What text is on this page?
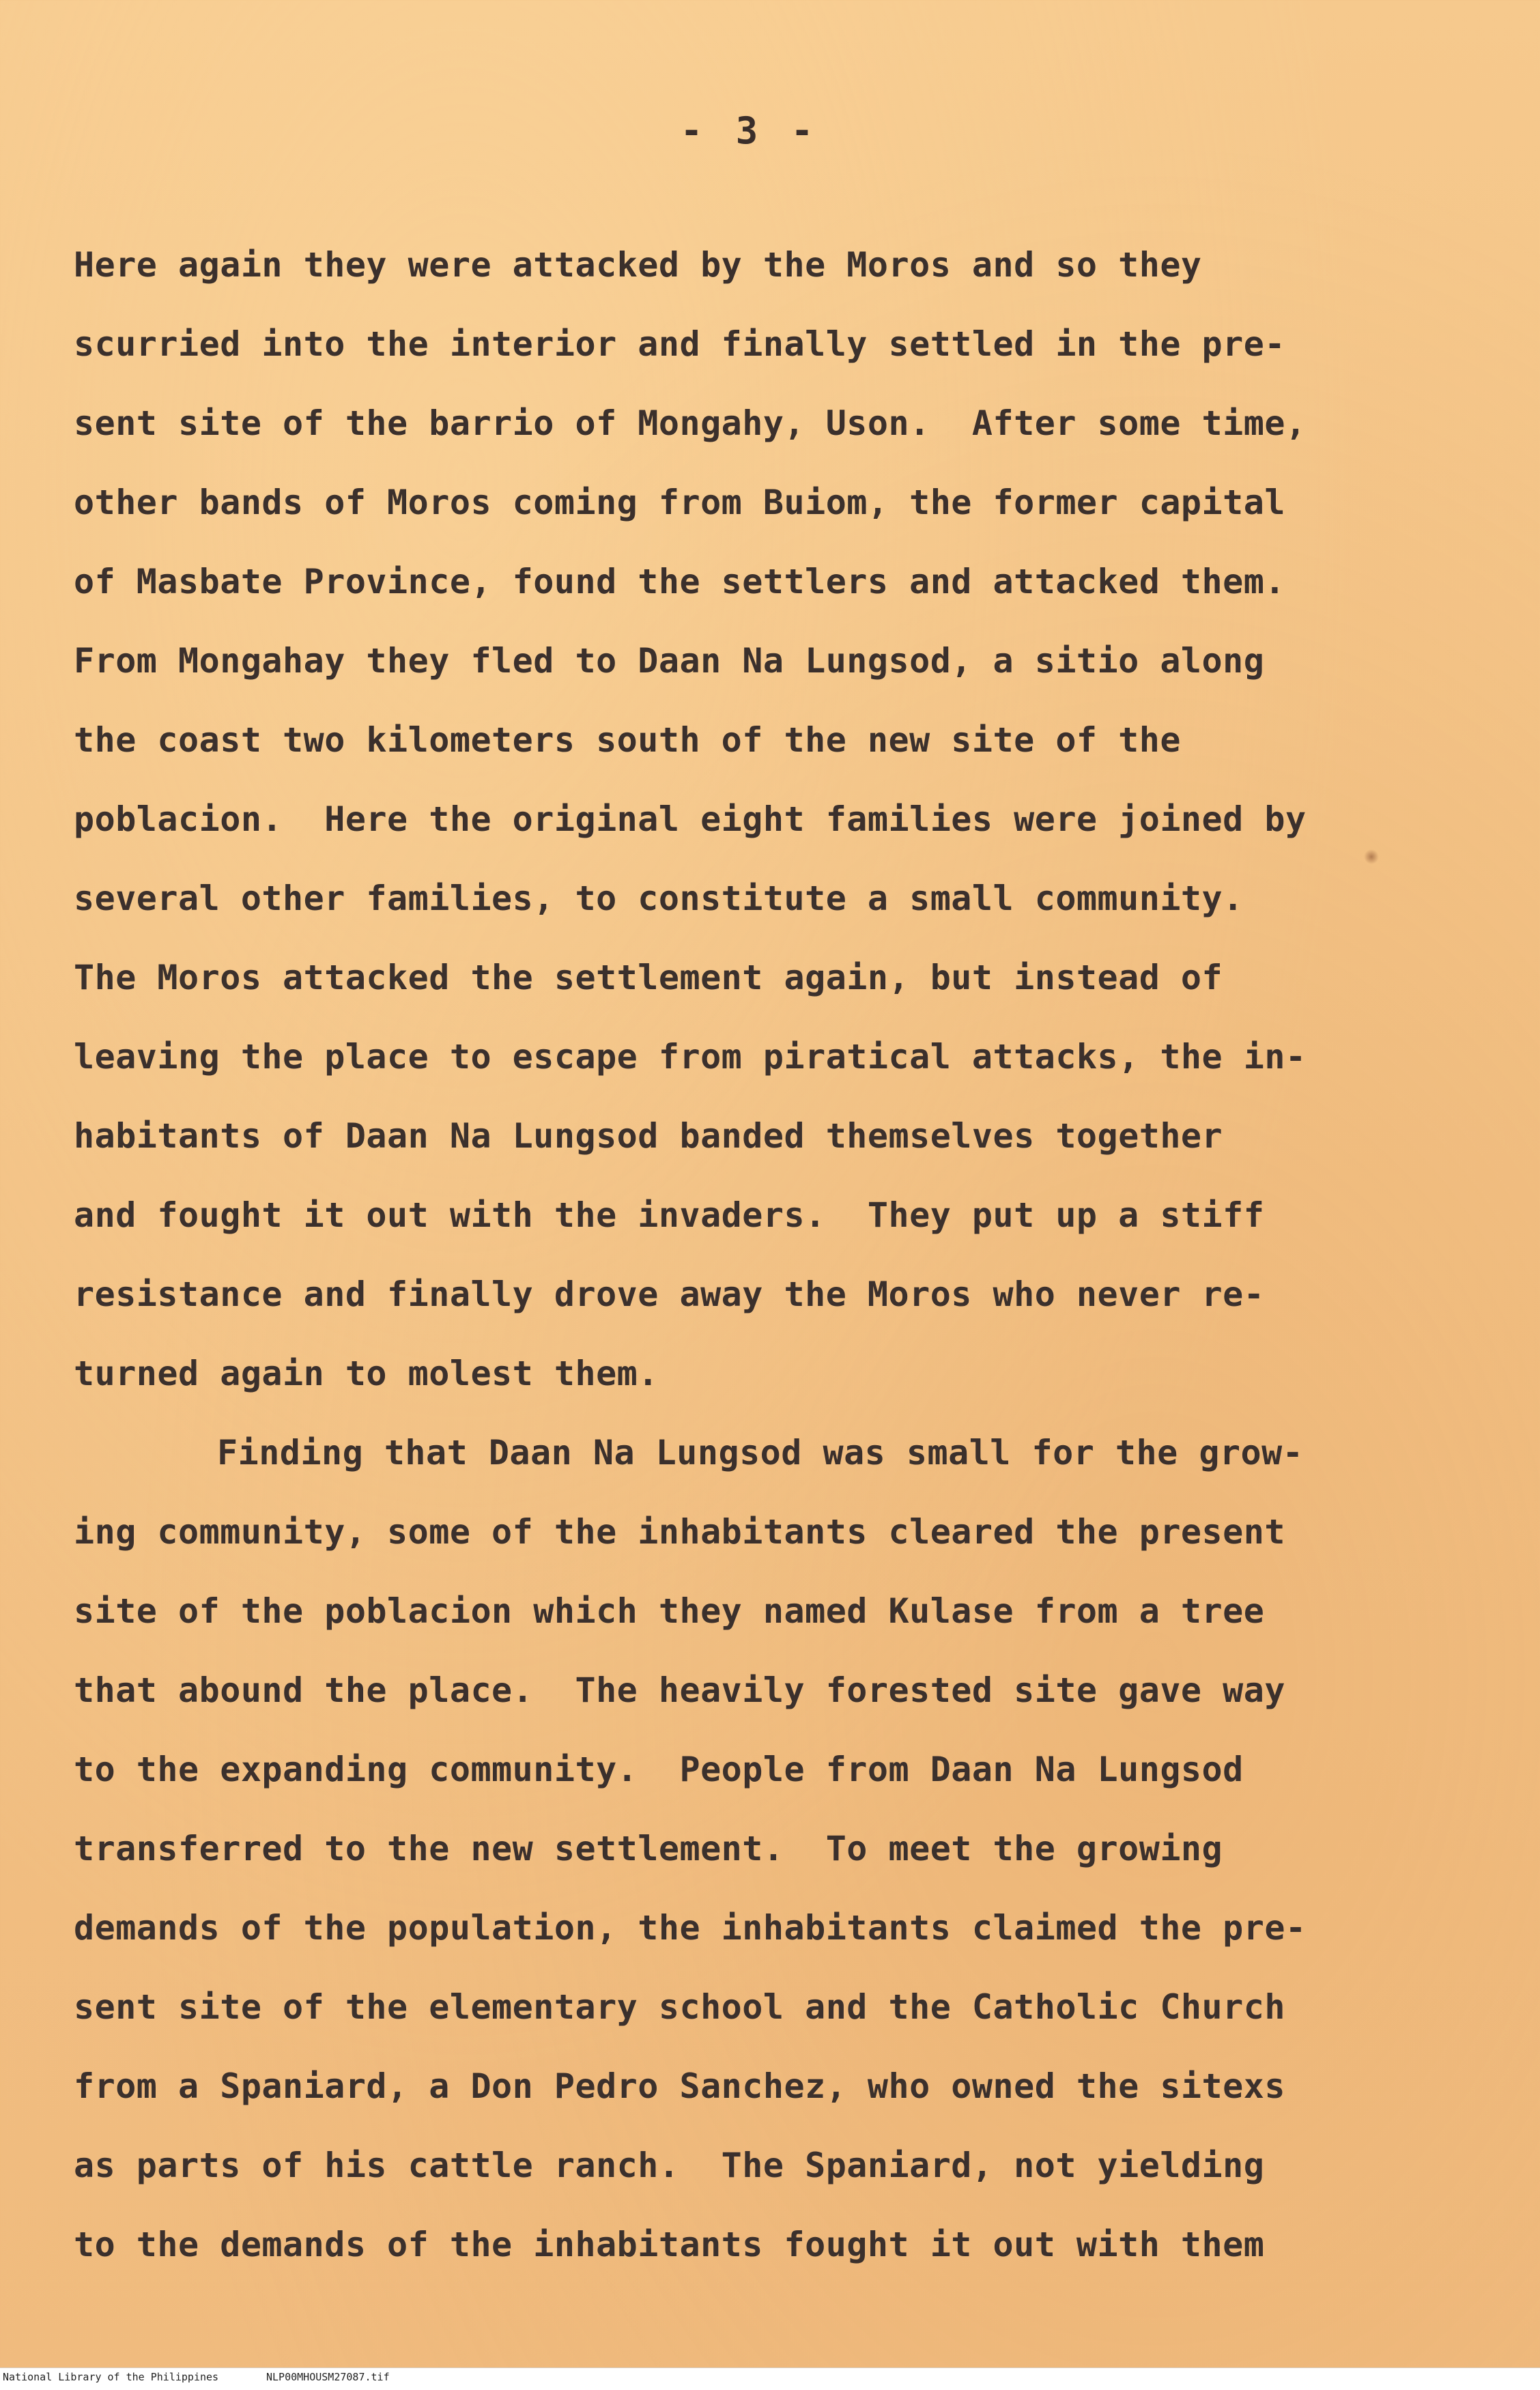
- 3 -
Here again they were attacked by the Moros and so they
scurried into the interior and finally settled in the pre-
sent site of the barrio of Mongahy, Uson.  After some time,
other bands of Moros coming from Buiom, the former capital
of Masbate Province, found the settlers and attacked them.
From Mongahay they fled to Daan Na Lungsod, a sitio along
the coast two kilometers south of the new site of the
poblacion.  Here the original eight families were joined by
several other families, to constitute a small community.
The Moros attacked the settlement again, but instead of
leaving the place to escape from piratical attacks, the in-
habitants of Daan Na Lungsod banded themselves together
and fought it out with the invaders.  They put up a stiff
resistance and finally drove away the Moros who never re-
turned again to molest them.
Finding that Daan Na Lungsod was small for the grow-
ing community, some of the inhabitants cleared the present
site of the poblacion which they named Kulase from a tree
that abound the place.  The heavily forested site gave way
to the expanding community.  People from Daan Na Lungsod
transferred to the new settlement.  To meet the growing
demands of the population, the inhabitants claimed the pre-
sent site of the elementary school and the Catholic Church
from a Spaniard, a Don Pedro Sanchez, who owned the sitexs
as parts of his cattle ranch.  The Spaniard, not yielding
to the demands of the inhabitants fought it out with them
National Library of the Philippines	NLP00MHOUSM27087.tif
